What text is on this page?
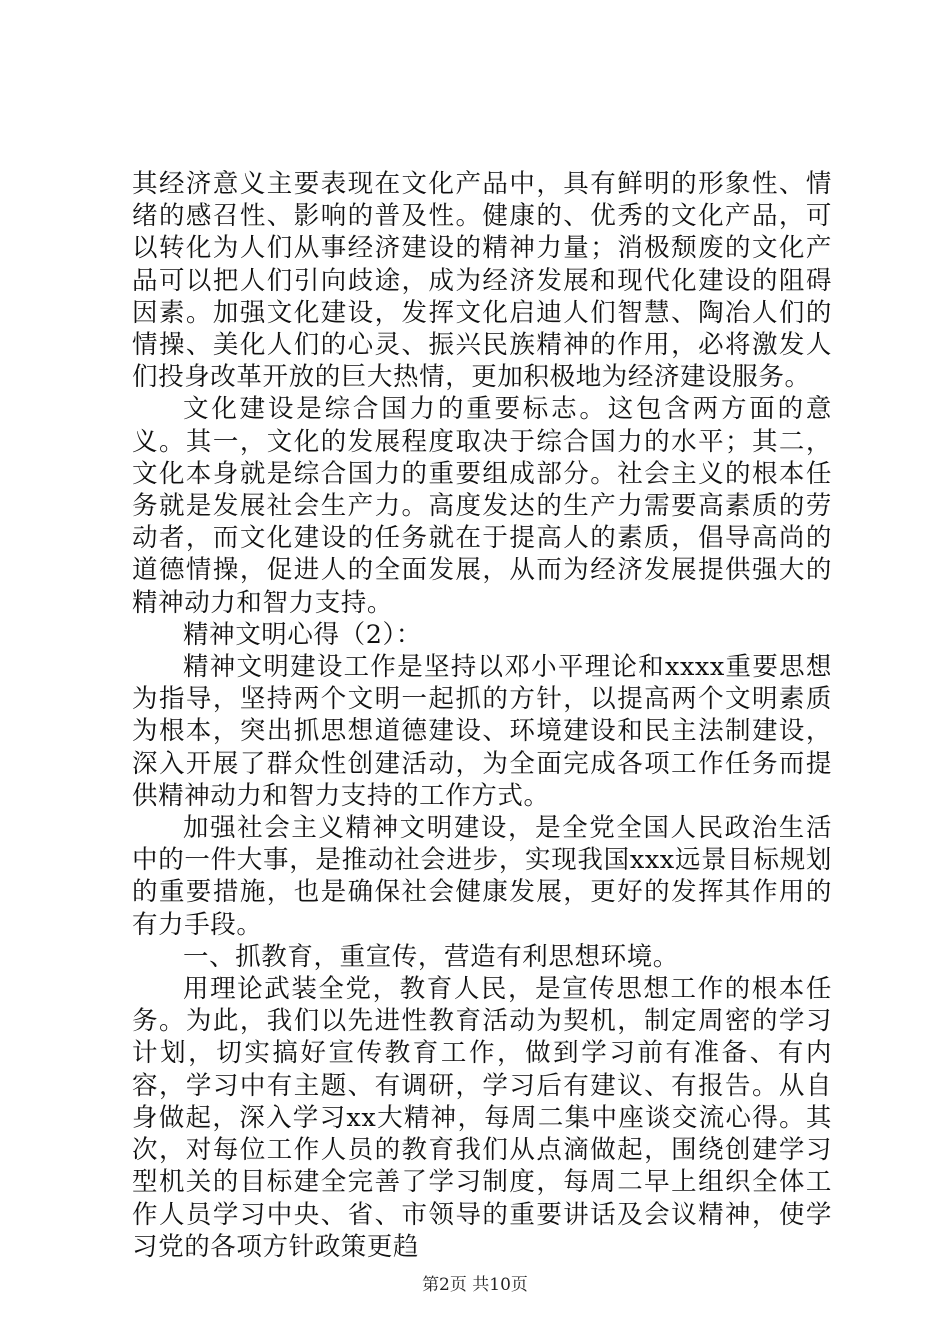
其经济意义主要表现在文化产品中，具有鲜明的形象性、情绪的感召性、影响的普及性。健康的、优秀的文化产品，可以转化为人们从事经济建设的精神力量；消极颓废的文化产品可以把人们引向歧途，成为经济发展和现代化建设的阻碍因素。加强文化建设，发挥文化启迪人们智慧、陶冶人们的情操、美化人们的心灵、振兴民族精神的作用，必将激发人们投身改革开放的巨大热情，更加积极地为经济建设服务。

文化建设是综合国力的重要标志。这包含两方面的意义。其一，文化的发展程度取决于综合国力的水平；其二，文化本身就是综合国力的重要组成部分。社会主义的根本任务就是发展社会生产力。高度发达的生产力需要高素质的劳动者，而文化建设的任务就在于提高人的素质，倡导高尚的道德情操，促进人的全面发展，从而为经济发展提供强大的精神动力和智力支持。

精神文明心得（2）：

精神文明建设工作是坚持以邓小平理论和xxxx重要思想为指导，坚持两个文明一起抓的方针，以提高两个文明素质为根本，突出抓思想道德建设、环境建设和民主法制建设，深入开展了群众性创建活动，为全面完成各项工作任务而提供精神动力和智力支持的工作方式。

加强社会主义精神文明建设，是全党全国人民政治生活中的一件大事，是推动社会进步，实现我国xxx远景目标规划的重要措施，也是确保社会健康发展，更好的发挥其作用的有力手段。

一、抓教育，重宣传，营造有利思想环境。

用理论武装全党，教育人民，是宣传思想工作的根本任务。为此，我们以先进性教育活动为契机，制定周密的学习计划，切实搞好宣传教育工作，做到学习前有准备、有内容，学习中有主题、有调研，学习后有建议、有报告。从自身做起，深入学习xx大精神，每周二集中座谈交流心得。其次，对每位工作人员的教育我们从点滴做起，围绕创建学习型机关的目标建全完善了学习制度，每周二早上组织全体工作人员学习中央、省、市领导的重要讲话及会议精神，使学习党的各项方针政策更趋

第2页 共10页
